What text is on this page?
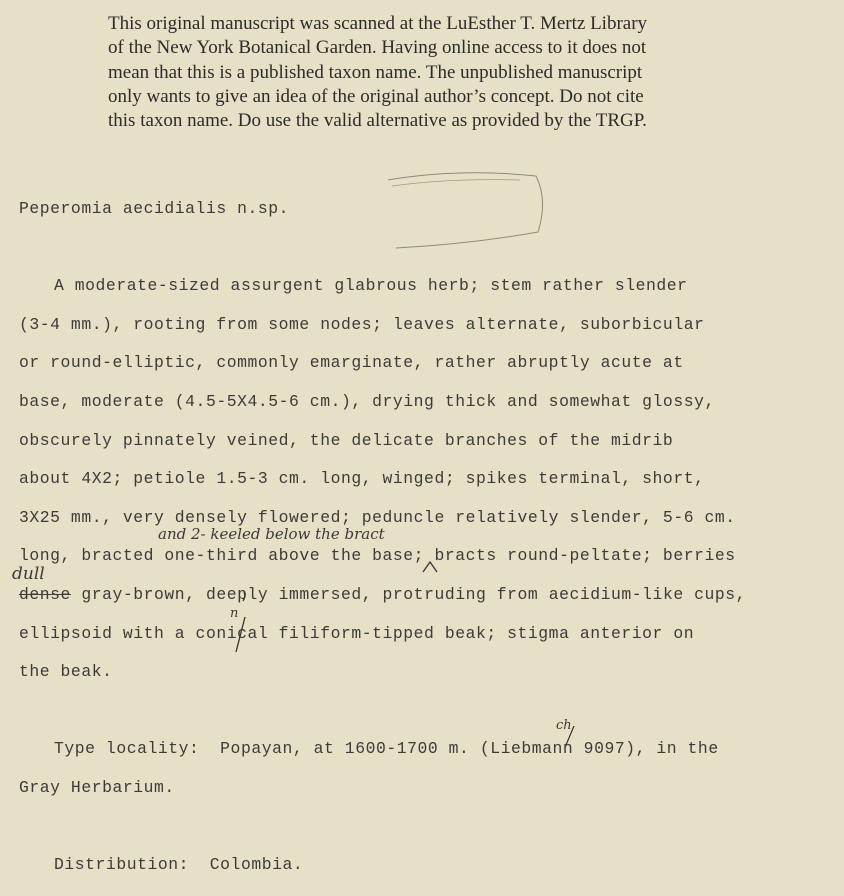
This original manuscript was scanned at the LuEsther T. Mertz Library
of the New York Botanical Garden. Having online access to it does not
mean that this is a published taxon name. The unpublished manuscript
only wants to give an idea of the original author’s concept. Do not cite
this taxon name. Do use the valid alternative as provided by the TRGP.
Peperomia aecidialis n.sp.
A moderate-sized assurgent glabrous herb; stem rather slender
(3-4 mm.), rooting from some nodes; leaves alternate, suborbicular
or round-elliptic, commonly emarginate, rather abruptly acute at
base, moderate (4.5-5X4.5-6 cm.), drying thick and somewhat glossy,
obscurely pinnately veined, the delicate branches of the midrib
about 4X2; petiole 1.5-3 cm. long, winged; spikes terminal, short,
3X25 mm., very densely flowered; peduncle relatively slender, 5-6 cm.
and 2- keeled below the bract
long, bracted one-third above the base; bracts round-peltate; berries
dull
dense gray-brown, deeply immersed, protruding from aecidium-like cups,
n
ellipsoid with a conical filiform-tipped beak; stigma anterior on
the beak.
ch
Type locality:  Popayan, at 1600-1700 m. (Liebmann 9097), in the
Gray Herbarium.
Distribution:  Colombia.
